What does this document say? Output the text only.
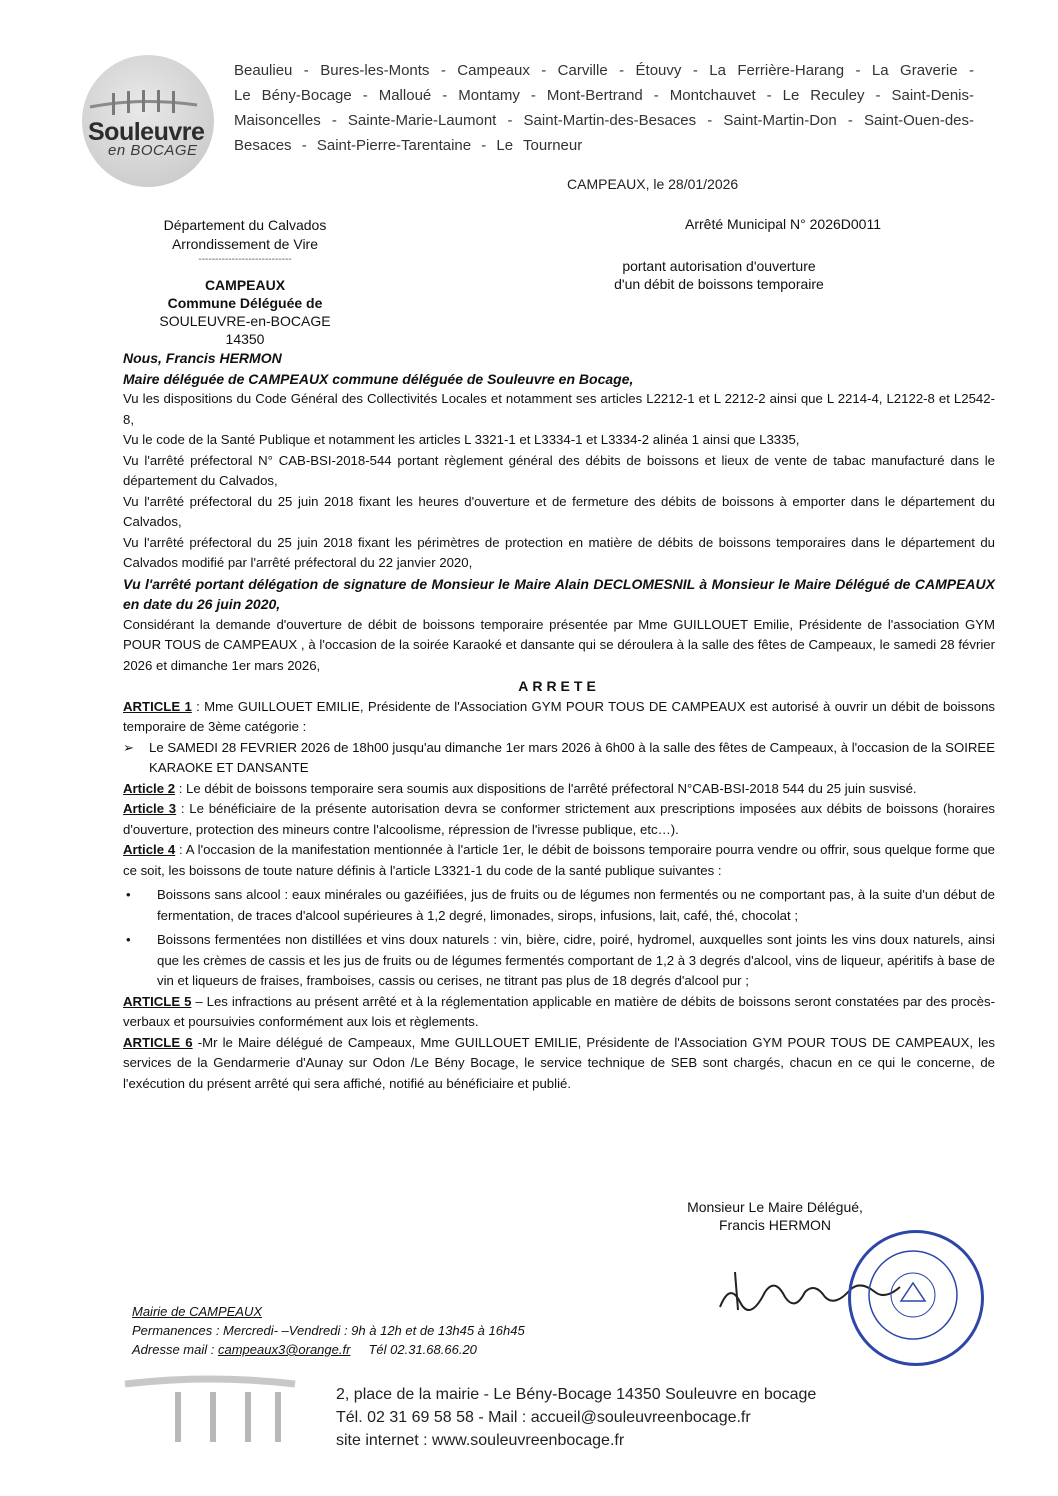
Souleuvre
en BOCAGE
Beaulieu - Bures-les-Monts - Campeaux - Carville - Étouvy - La Ferrière-Harang - La Graverie - Le Bény-Bocage - Malloué - Montamy - Mont-Bertrand - Montchauvet - Le Reculey - Saint-Denis-Maisoncelles - Sainte-Marie-Laumont - Saint-Martin-des-Besaces - Saint-Martin-Don - Saint-Ouen-des-Besaces - Saint-Pierre-Tarentaine - Le Tourneur
CAMPEAUX, le 28/01/2026
Département du Calvados
Arrondissement de Vire
----------------------------
Arrêté Municipal N° 2026D0011
portant autorisation d'ouverture
d'un débit de boissons temporaire
CAMPEAUX
Commune Déléguée de
SOULEUVRE-en-BOCAGE
14350

Nous, Francis HERMON

Maire déléguée de CAMPEAUX commune déléguée de Souleuvre en Bocage,

Vu les dispositions du Code Général des Collectivités Locales et notamment ses articles L2212-1 et L 2212-2 ainsi que L 2214-4, L2122-8 et L2542-8,

Vu le code de la Santé Publique et notamment les articles L 3321-1 et L3334-1 et L3334-2 alinéa 1 ainsi que L3335,

Vu l'arrêté préfectoral N° CAB-BSI-2018-544 portant règlement général des débits de boissons et lieux de vente de tabac manufacturé dans le département du Calvados,

Vu l'arrêté préfectoral du 25 juin 2018 fixant les heures d'ouverture et de fermeture des débits de boissons à emporter dans le département du Calvados,

Vu l'arrêté préfectoral du 25 juin 2018 fixant les périmètres de protection en matière de débits de boissons temporaires dans le département du Calvados modifié par l'arrêté préfectoral du 22 janvier 2020,

Vu l'arrêté portant délégation de signature de Monsieur le Maire Alain DECLOMESNIL à Monsieur le Maire Délégué de CAMPEAUX en date du 26 juin 2020,

Considérant la demande d'ouverture de débit de boissons temporaire présentée par Mme GUILLOUET Emilie, Présidente de l'association GYM POUR TOUS de CAMPEAUX , à l'occasion de la soirée Karaoké et dansante qui se déroulera à la salle des fêtes de Campeaux, le samedi 28 février 2026 et dimanche 1er mars 2026,

ARRETE

ARTICLE 1 : Mme GUILLOUET EMILIE, Présidente de l'Association GYM POUR TOUS DE CAMPEAUX est autorisé à ouvrir un débit de boissons temporaire de 3ème catégorie :

➢ Le SAMEDI 28 FEVRIER 2026 de 18h00 jusqu'au dimanche 1er mars 2026 à 6h00 à la salle des fêtes de Campeaux, à l'occasion de la SOIREE KARAOKE ET DANSANTE

Article 2 : Le débit de boissons temporaire sera soumis aux dispositions de l'arrêté préfectoral N°CAB-BSI-2018 544 du 25 juin susvisé.

Article 3 : Le bénéficiaire de la présente autorisation devra se conformer strictement aux prescriptions imposées aux débits de boissons (horaires d'ouverture, protection des mineurs contre l'alcoolisme, répression de l'ivresse publique, etc…).

Article 4 : A l'occasion de la manifestation mentionnée à l'article 1er, le débit de boissons temporaire pourra vendre ou offrir, sous quelque forme que ce soit, les boissons de toute nature définis à l'article L3321-1 du code de la santé publique suivantes :

• Boissons sans alcool : eaux minérales ou gazéifiées, jus de fruits ou de légumes non fermentés ou ne comportant pas, à la suite d'un début de fermentation, de traces d'alcool supérieures à 1,2 degré, limonades, sirops, infusions, lait, café, thé, chocolat ;

• Boissons fermentées non distillées et vins doux naturels : vin, bière, cidre, poiré, hydromel, auxquelles sont joints les vins doux naturels, ainsi que les crèmes de cassis et les jus de fruits ou de légumes fermentés comportant de 1,2 à 3 degrés d'alcool, vins de liqueur, apéritifs à base de vin et liqueurs de fraises, framboises, cassis ou cerises, ne titrant pas plus de 18 degrés d'alcool pur ;

ARTICLE 5 – Les infractions au présent arrêté et à la réglementation applicable en matière de débits de boissons seront constatées par des procès-verbaux et poursuivies conformément aux lois et règlements.

ARTICLE 6 -Mr le Maire délégué de Campeaux, Mme GUILLOUET EMILIE, Présidente de l'Association GYM POUR TOUS DE CAMPEAUX, les services de la Gendarmerie d'Aunay sur Odon /Le Bény Bocage, le service technique de SEB sont chargés, chacun en ce qui le concerne, de l'exécution du présent arrêté qui sera affiché, notifié au bénéficiaire et publié.

Monsieur Le Maire Délégué,
Francis HERMON
Mairie de CAMPEAUX
Permanences : Mercredi- –Vendredi : 9h à 12h et de 13h45 à 16h45
Adresse mail : campeaux3@orange.fr Tél 02.31.68.66.20
2, place de la mairie - Le Bény-Bocage 14350 Souleuvre en bocage
Tél. 02 31 69 58 58 - Mail : accueil@souleuvreenbocage.fr
site internet : www.souleuvreenbocage.fr
